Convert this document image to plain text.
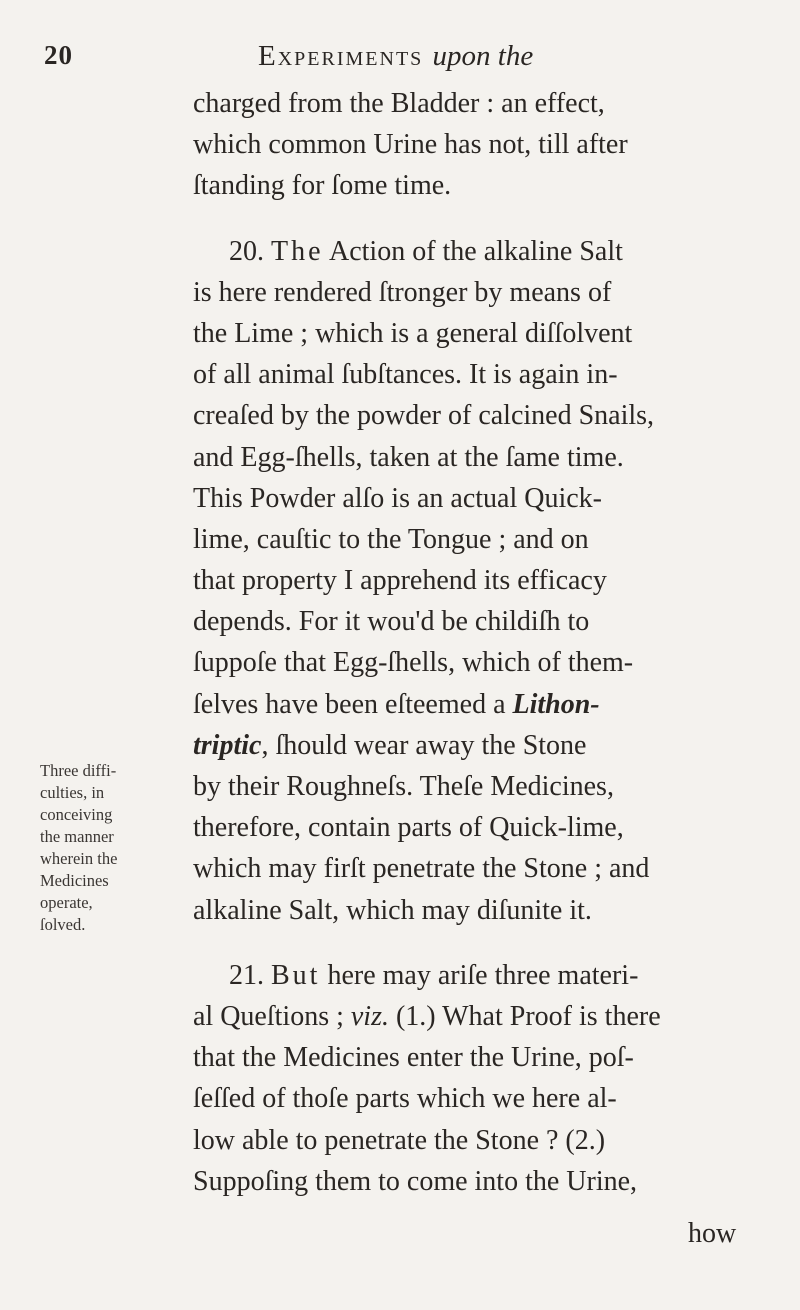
20	Experiments upon the
charged from the Bladder : an effect,
which common Urine has not, till after
ſtanding for ſome time.
20. The Action of the alkaline Salt
is here rendered ſtronger by means of
the Lime ; which is a general diſſolvent
of all animal ſubſtances. It is again in-
creaſed by the powder of calcined Snails,
and Egg-ſhells, taken at the ſame time.
This Powder alſo is an actual Quick-
lime, cauſtic to the Tongue ; and on
that property I apprehend its efficacy
depends. For it wou'd be childiſh to
ſuppoſe that Egg-ſhells, which of them-
ſelves have been eſteemed a Lithon-
triptic, ſhould wear away the Stone
by their Roughneſs. Theſe Medicines,
therefore, contain parts of Quick-lime,
which may firſt penetrate the Stone ; and
alkaline Salt, which may diſunite it.
21. But here may ariſe three materi-
al Queſtions ; viz. (1.) What Proof is there
that the Medicines enter the Urine, poſ-
ſeſſed of thoſe parts which we here al-
low able to penetrate the Stone ? (2.)
Suppoſing them to come into the Urine,
Three diffi-
culties, in
conceiving
the manner
wherein the
Medicines
operate,
ſolved.
how
